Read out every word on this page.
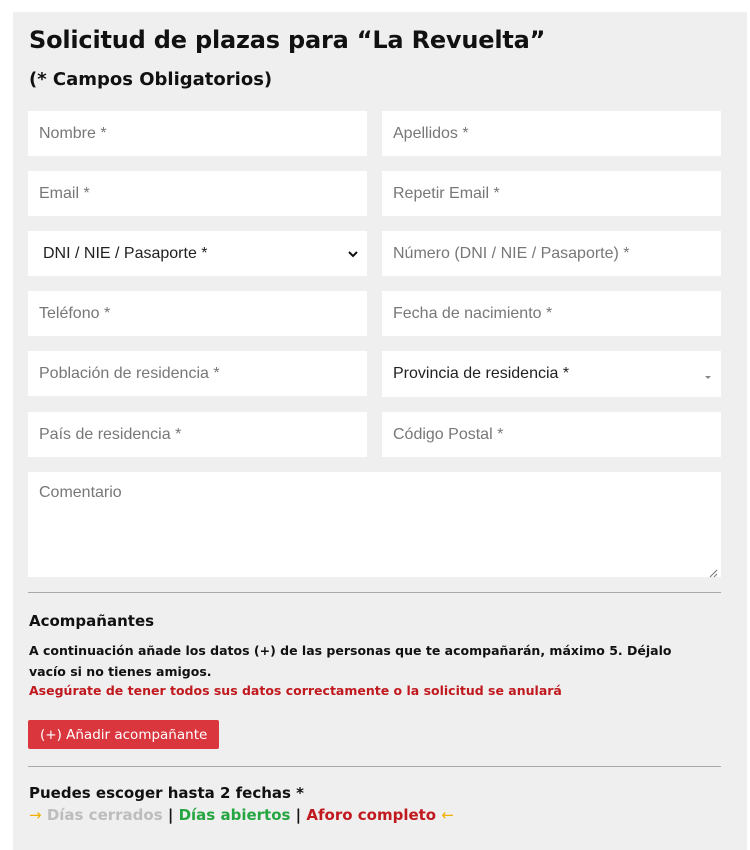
Solicitud de plazas para “La Revuelta”
(* Campos Obligatorios)
Nombre *
Apellidos *
Email *
Repetir Email *
DNI / NIE / Pasaporte *
Número (DNI / NIE / Pasaporte) *
Teléfono *
Fecha de nacimiento *
Población de residencia *
Provincia de residencia *
País de residencia *
Código Postal *
Comentario
Acompañantes

A continuación añade los datos (+) de las personas que te acompañarán, máximo 5. Déjalo vacío si no tienes amigos.

Asegúrate de tener todos sus datos correctamente o la solicitud se anulará

(+) Añadir acompañante
Puedes escoger hasta 2 fechas *
→ Días cerrados | Días abiertos | Aforo completo ←
